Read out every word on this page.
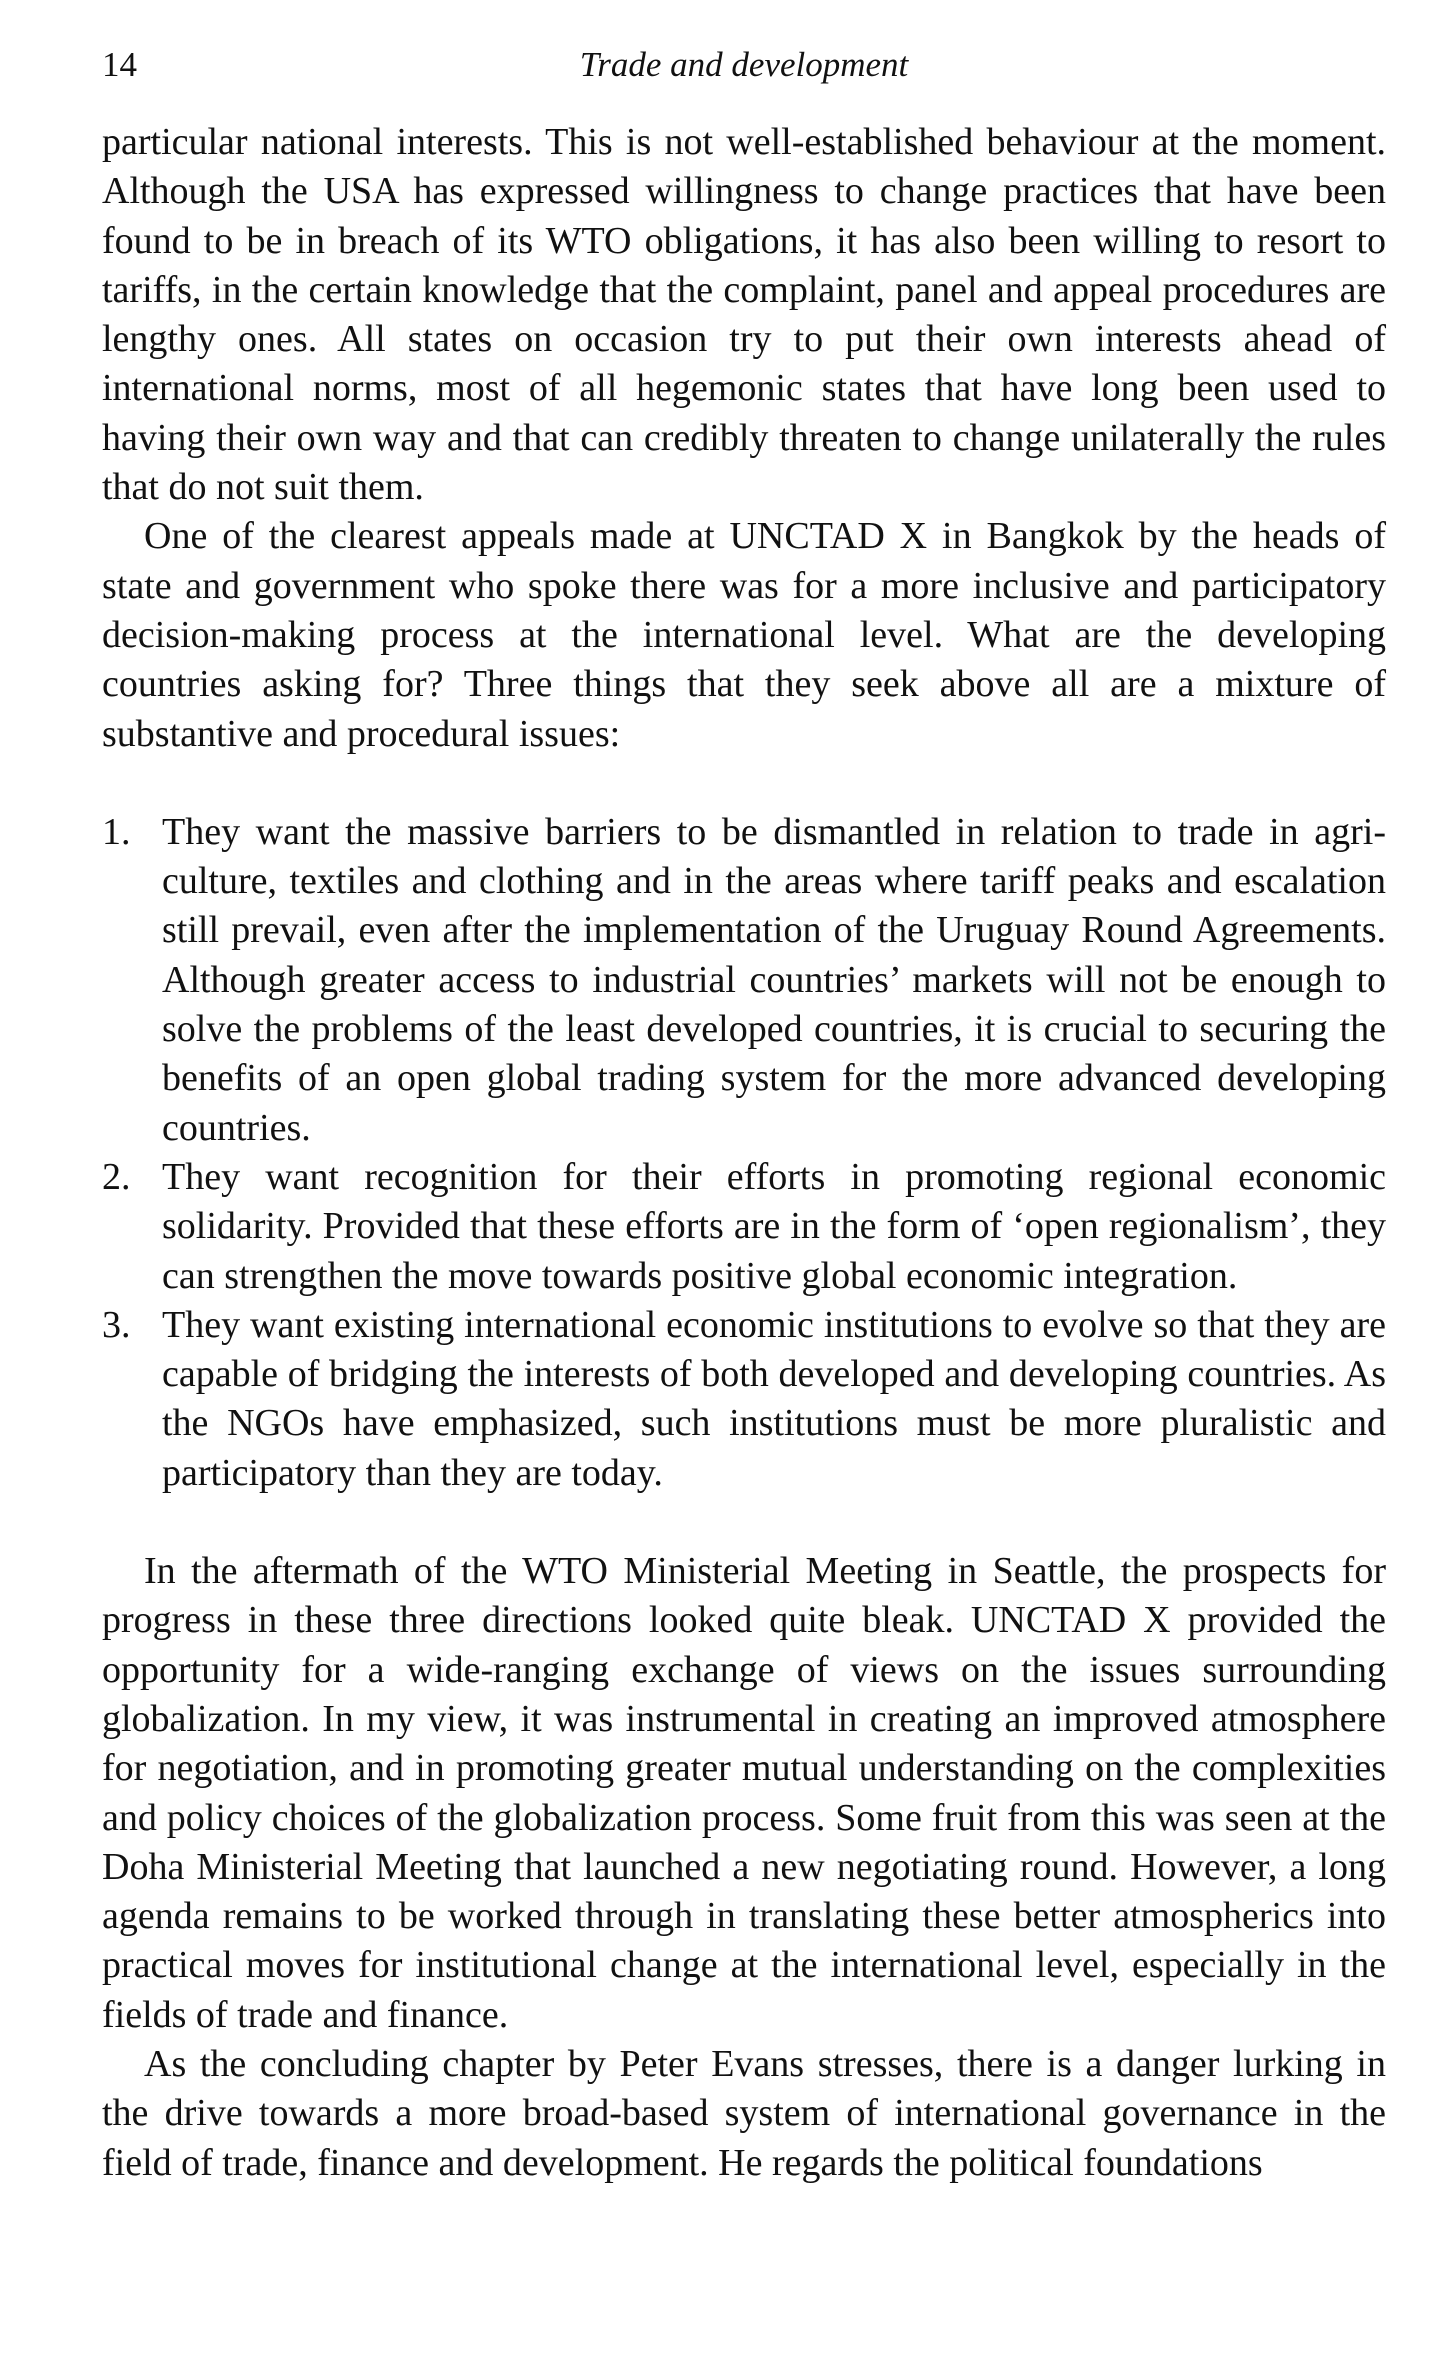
14	Trade and development

particular national interests. This is not well-established behaviour at the moment. Although the USA has expressed willingness to change practices that have been found to be in breach of its WTO obligations, it has also been willing to resort to tariffs, in the certain knowledge that the complaint, panel and appeal procedures are lengthy ones. All states on occasion try to put their own interests ahead of international norms, most of all hegemonic states that have long been used to having their own way and that can credibly threaten to change unilaterally the rules that do not suit them.

One of the clearest appeals made at UNCTAD X in Bangkok by the heads of state and government who spoke there was for a more inclusive and participatory decision-making process at the international level. What are the developing countries asking for? Three things that they seek above all are a mixture of substantive and procedural issues:

1. They want the massive barriers to be dismantled in relation to trade in agriculture, textiles and clothing and in the areas where tariff peaks and escalation still prevail, even after the implementation of the Uruguay Round Agreements. Although greater access to industrial countries’ markets will not be enough to solve the problems of the least developed countries, it is crucial to securing the benefits of an open global trading system for the more advanced developing countries.
2. They want recognition for their efforts in promoting regional economic solidarity. Provided that these efforts are in the form of ‘open regionalism’, they can strengthen the move towards positive global economic integration.
3. They want existing international economic institutions to evolve so that they are capable of bridging the interests of both developed and developing countries. As the NGOs have emphasized, such institutions must be more pluralistic and participatory than they are today.

In the aftermath of the WTO Ministerial Meeting in Seattle, the prospects for progress in these three directions looked quite bleak. UNCTAD X provided the opportunity for a wide-ranging exchange of views on the issues surrounding globalization. In my view, it was instrumental in creating an improved atmosphere for negotiation, and in promoting greater mutual understanding on the complexities and policy choices of the globalization process. Some fruit from this was seen at the Doha Ministerial Meeting that launched a new negotiating round. However, a long agenda remains to be worked through in translating these better atmospherics into practical moves for institutional change at the international level, especially in the fields of trade and finance.

As the concluding chapter by Peter Evans stresses, there is a danger lurking in the drive towards a more broad-based system of international governance in the field of trade, finance and development. He regards the political foundations
